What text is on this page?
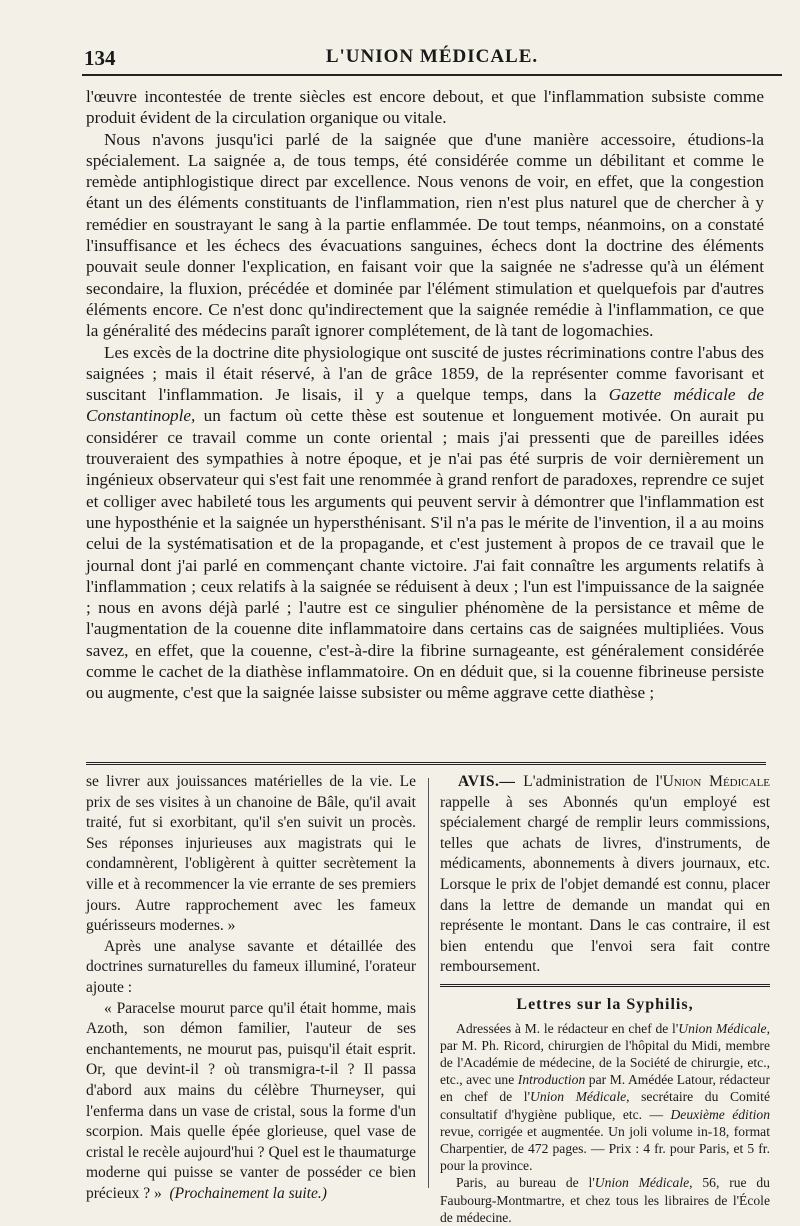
134	L'UNION MÉDICALE.

l'œuvre incontestée de trente siècles est encore debout, et que l'inflammation subsiste comme produit évident de la circulation organique ou vitale.

Nous n'avons jusqu'ici parlé de la saignée que d'une manière accessoire, étudions-la spécialement. La saignée a, de tous temps, été considérée comme un débilitant et comme le remède antiphlogistique direct par excellence. Nous venons de voir, en effet, que la congestion étant un des éléments constituants de l'inflammation, rien n'est plus naturel que de chercher à y remédier en soustrayant le sang à la partie enflammée. De tout temps, néanmoins, on a constaté l'insuffisance et les échecs des évacuations sanguines, échecs dont la doctrine des éléments pouvait seule donner l'explication, en faisant voir que la saignée ne s'adresse qu'à un élément secondaire, la fluxion, précédée et dominée par l'élément stimulation et quelquefois par d'autres éléments encore. Ce n'est donc qu'indirectement que la saignée remédie à l'inflammation, ce que la généralité des médecins paraît ignorer complétement, de là tant de logomachies.

Les excès de la doctrine dite physiologique ont suscité de justes récriminations contre l'abus des saignées ; mais il était réservé, à l'an de grâce 1859, de la représenter comme favorisant et suscitant l'inflammation. Je lisais, il y a quelque temps, dans la Gazette médicale de Constantinople, un factum où cette thèse est soutenue et longuement motivée. On aurait pu considérer ce travail comme un conte oriental ; mais j'ai pressenti que de pareilles idées trouveraient des sympathies à notre époque, et je n'ai pas été surpris de voir dernièrement un ingénieux observateur qui s'est fait une renommée à grand renfort de paradoxes, reprendre ce sujet et colliger avec habileté tous les arguments qui peuvent servir à démontrer que l'inflammation est une hyposthénie et la saignée un hypersthénisant. S'il n'a pas le mérite de l'invention, il a au moins celui de la systématisation et de la propagande, et c'est justement à propos de ce travail que le journal dont j'ai parlé en commençant chante victoire. J'ai fait connaître les arguments relatifs à l'inflammation ; ceux relatifs à la saignée se réduisent à deux ; l'un est l'impuissance de la saignée ; nous en avons déjà parlé ; l'autre est ce singulier phénomène de la persistance et même de l'augmentation de la couenne dite inflammatoire dans certains cas de saignées multipliées. Vous savez, en effet, que la couenne, c'est-à-dire la fibrine surnageante, est généralement considérée comme le cachet de la diathèse inflammatoire. On en déduit que, si la couenne fibrineuse persiste ou augmente, c'est que la saignée laisse subsister ou même aggrave cette diathèse ;

se livrer aux jouissances matérielles de la vie. Le prix de ses visites à un chanoine de Bâle, qu'il avait traité, fut si exorbitant, qu'il s'en suivit un procès. Ses réponses injurieuses aux magistrats qui le condamnèrent, l'obligèrent à quitter secrètement la ville et à recommencer la vie errante de ses premiers jours. Autre rapprochement avec les fameux guérisseurs modernes. »

Après une analyse savante et détaillée des doctrines surnaturelles du fameux illuminé, l'orateur ajoute :

« Paracelse mourut parce qu'il était homme, mais Azoth, son démon familier, l'auteur de ses enchantements, ne mourut pas, puisqu'il était esprit. Or, que devint-il ? où transmigra-t-il ? Il passa d'abord aux mains du célèbre Thurneyser, qui l'enferma dans un vase de cristal, sous la forme d'un scorpion. Mais quelle épée glorieuse, quel vase de cristal le recèle aujourd'hui ? Quel est le thaumaturge moderne qui puisse se vanter de posséder ce bien précieux ? » (Prochainement la suite.)

AVIS.— L'administration de l'Union Médicale rappelle à ses Abonnés qu'un employé est spécialement chargé de remplir leurs commissions, telles que achats de livres, d'instruments, de médicaments, abonnements à divers journaux, etc. Lorsque le prix de l'objet demandé est connu, placer dans la lettre de demande un mandat qui en représente le montant. Dans le cas contraire, il est bien entendu que l'envoi sera fait contre remboursement.

Lettres sur la Syphilis,

Adressées à M. le rédacteur en chef de l'Union Médicale, par M. Ph. Ricord, chirurgien de l'hôpital du Midi, membre de l'Académie de médecine, de la Société de chirurgie, etc., etc., avec une Introduction par M. Amédée Latour, rédacteur en chef de l'Union Médicale, secrétaire du Comité consultatif d'hygiène publique, etc. — Deuxième édition revue, corrigée et augmentée. Un joli volume in-18, format Charpentier, de 472 pages. — Prix : 4 fr. pour Paris, et 5 fr. pour la province.

Paris, au bureau de l'Union Médicale, 56, rue du Faubourg-Montmartre, et chez tous les libraires de l'École de médecine.
